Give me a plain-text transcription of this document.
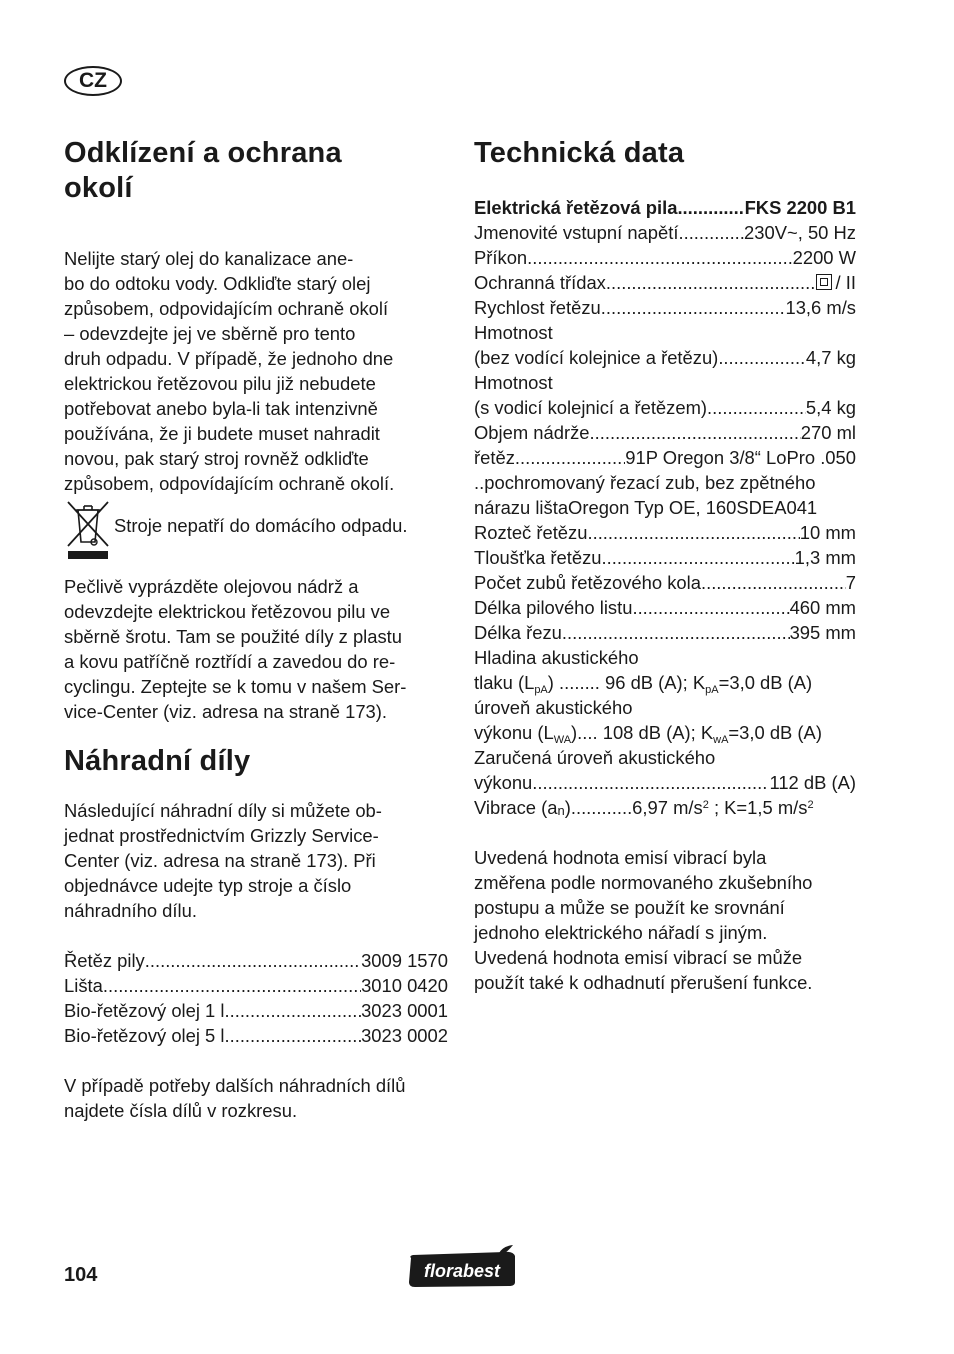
CZ
Odklízení a ochrana okolí

Nelijte starý olej do kanalizace ane-

bo do odtoku vody. Odkliďte starý olej

způsobem, odpovidajícím ochraně okolí

– odevzdejte jej ve sběrně pro tento

druh odpadu. V případě, že jednoho dne

elektrickou řetězovou pilu již nebudete

potřebovat anebo byla-li tak intenzivně

používána, že ji budete muset nahradit

novou, pak starý stroj rovněž odkliďte

způsobem, odpovídajícím ochraně okolí.

Stroje nepatří do domácího odpadu.

Pečlivě vyprázděte olejovou nádrž a

odevzdejte elektrickou řetězovou pilu ve

sběrně šrotu. Tam se použité díly z plastu

a kovu patříčně roztřídí a zavedou do re-

cyclingu. Zeptejte se k tomu v našem Ser-

vice-Center (viz. adresa na straně 173).

Náhradní díly

Následující náhradní díly si můžete ob-

jednat prostřednictvím Grizzly Service-

Center (viz. adresa na straně 173). Při

objednávce udejte typ stroje a číslo

náhradního dílu.

Řetěz pily .....	3009 1570
Lišta .....	3010 0420
Bio-řetězový olej 1 l .....	3023 0001
Bio-řetězový olej 5 l .....	3023 0002

V případě potřeby dalších náhradních dílů

najdete čísla dílů v rozkresu.

Technická data
Elektrická řetězová pila .....	FKS 2200 B1
Jmenovité vstupní napětí .....	230V~, 50 Hz
Příkon .....	2200 W
Ochranná třídax .....	/ II
Rychlost řetězu .....	13,6 m/s
Hmotnost
(bez vodící kolejnice a řetězu) .....	4,7 kg
Hmotnost
(s vodicí kolejnicí a řetězem) .....	5,4 kg
Objem nádrže .....	270 ml
řetěz .....	91P Oregon 3/8“ LoPro .050
.. pochromovaný řezací zub, bez zpětného
nárazu lištaOregon Typ OE, 160SDEA041
Rozteč řetězu .....	10 mm
Tloušťka řetězu .....	1,3 mm
Počet zubů řetězového kola .....	7
Délka pilového listu .....	460 mm
Délka řezu .....	395 mm
Hladina akustického
tlaku $(L_{pA})$ ........ 96 dB (A); $K_{pA}=3,0$ dB (A)
úroveň akustického
výkonu $(L_{WA})$.... 108 dB (A); $K_{wA}=3,0$ dB (A)
Zaručená úroveň akustického
výkonu .....	112 dB (A)
Vibrace $(a_n)............6,97$ $m/s^2$ ; K=1,5 $m/s^2$

Uvedená hodnota emisí vibrací byla

změřena podle normovaného zkušebního

postupu a může se použít ke srovnání

jednoho elektrického nářadí s jiným.

Uvedená hodnota emisí vibrací se může

použít také k odhadnutí přerušení funkce.

104	florabest
